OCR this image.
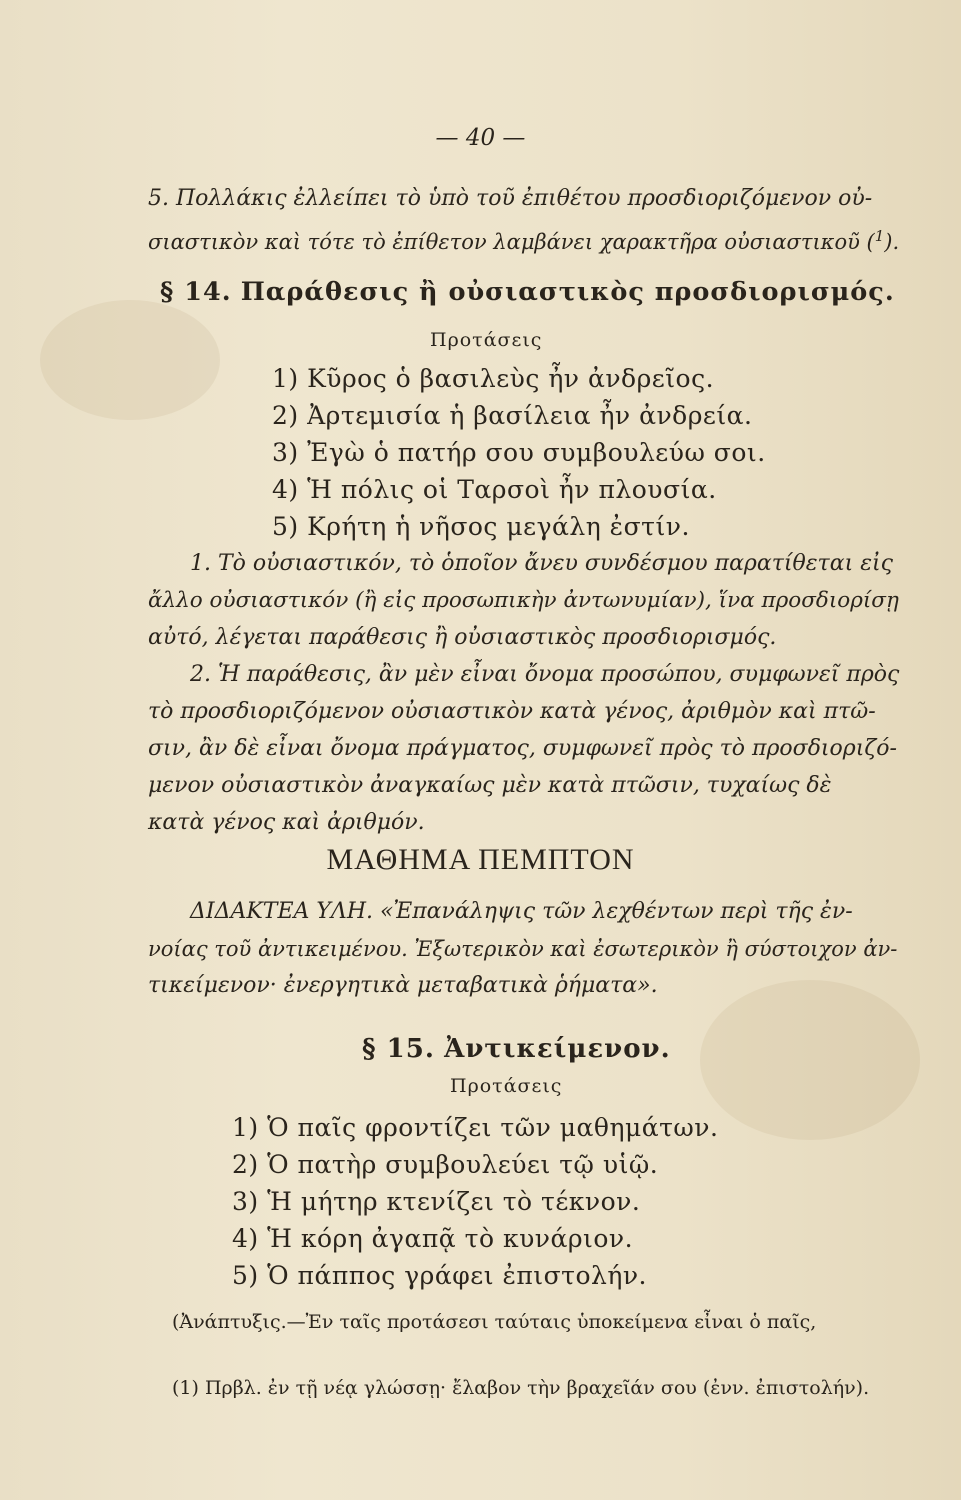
— 40 —
5. Πολλάκις ἐλλείπει τὸ ὑπὸ τοῦ ἐπιθέτου προσδιοριζόμενον οὐ-
σιαστικὸν καὶ τότε τὸ ἐπίθετον λαμβάνει χαρακτῆρα οὐσιαστικοῦ ($^1$).
§ 14. Παράθεσις ἢ οὐσιαστικὸς προσδιορισμός.
Προτάσεις
1) Κῦρος ὁ βασιλεὺς ἦν ἀνδρεῖος.
2) Ἀρτεμισία ἡ βασίλεια ἦν ἀνδρεία.
3) Ἐγὼ ὁ πατήρ σου συμβουλεύω σοι.
4) Ἡ πόλις οἱ Ταρσοὶ ἦν πλουσία.
5) Κρήτη ἡ νῆσος μεγάλη ἐστίν.
1. Τὸ οὐσιαστικόν, τὸ ὁποῖον ἄνευ συνδέσμου παρατίθεται εἰς
ἄλλο οὐσιαστικόν (ἢ εἰς προσωπικὴν ἀντωνυμίαν), ἵνα προσδιορίσῃ
αὐτό, λέγεται παράθεσις ἢ οὐσιαστικὸς προσδιορισμός.
2. Ἡ παράθεσις, ἂν μὲν εἶναι ὄνομα προσώπου, συμφωνεῖ πρὸς
τὸ προσδιοριζόμενον οὐσιαστικὸν κατὰ γένος, ἀριθμὸν καὶ πτῶ-
σιν, ἂν δὲ εἶναι ὄνομα πράγματος, συμφωνεῖ πρὸς τὸ προσδιοριζό-
μενον οὐσιαστικὸν ἀναγκαίως μὲν κατὰ πτῶσιν, τυχαίως δὲ
κατὰ γένος καὶ ἀριθμόν.
ΜΑΘΗΜΑ ΠΕΜΠΤΟΝ
ΔΙΔΑΚΤΕΑ ΥΛΗ. «Ἐπανάληψις τῶν λεχθέντων περὶ τῆς ἐν-
νοίας τοῦ ἀντικειμένου. Ἐξωτερικὸν καὶ ἐσωτερικὸν ἢ σύστοιχον ἀν-
τικείμενον· ἐνεργητικὰ μεταβατικὰ ῥήματα».
§ 15. Ἀντικείμενον.
Προτάσεις
1) Ὁ παῖς φροντίζει τῶν μαθημάτων.
2) Ὁ πατὴρ συμβουλεύει τῷ υἱῷ.
3) Ἡ μήτηρ κτενίζει τὸ τέκνον.
4) Ἡ κόρη ἀγαπᾷ τὸ κυνάριον.
5) Ὁ πάππος γράφει ἐπιστολήν.
(Ἀνάπτυξις.—Ἐν ταῖς προτάσεσι ταύταις ὑποκείμενα εἶναι ὁ παῖς,
(1) Πρβλ. ἐν τῇ νέᾳ γλώσσῃ· ἔλαβον τὴν βραχεῖάν σου (ἐνν. ἐπιστολήν).
